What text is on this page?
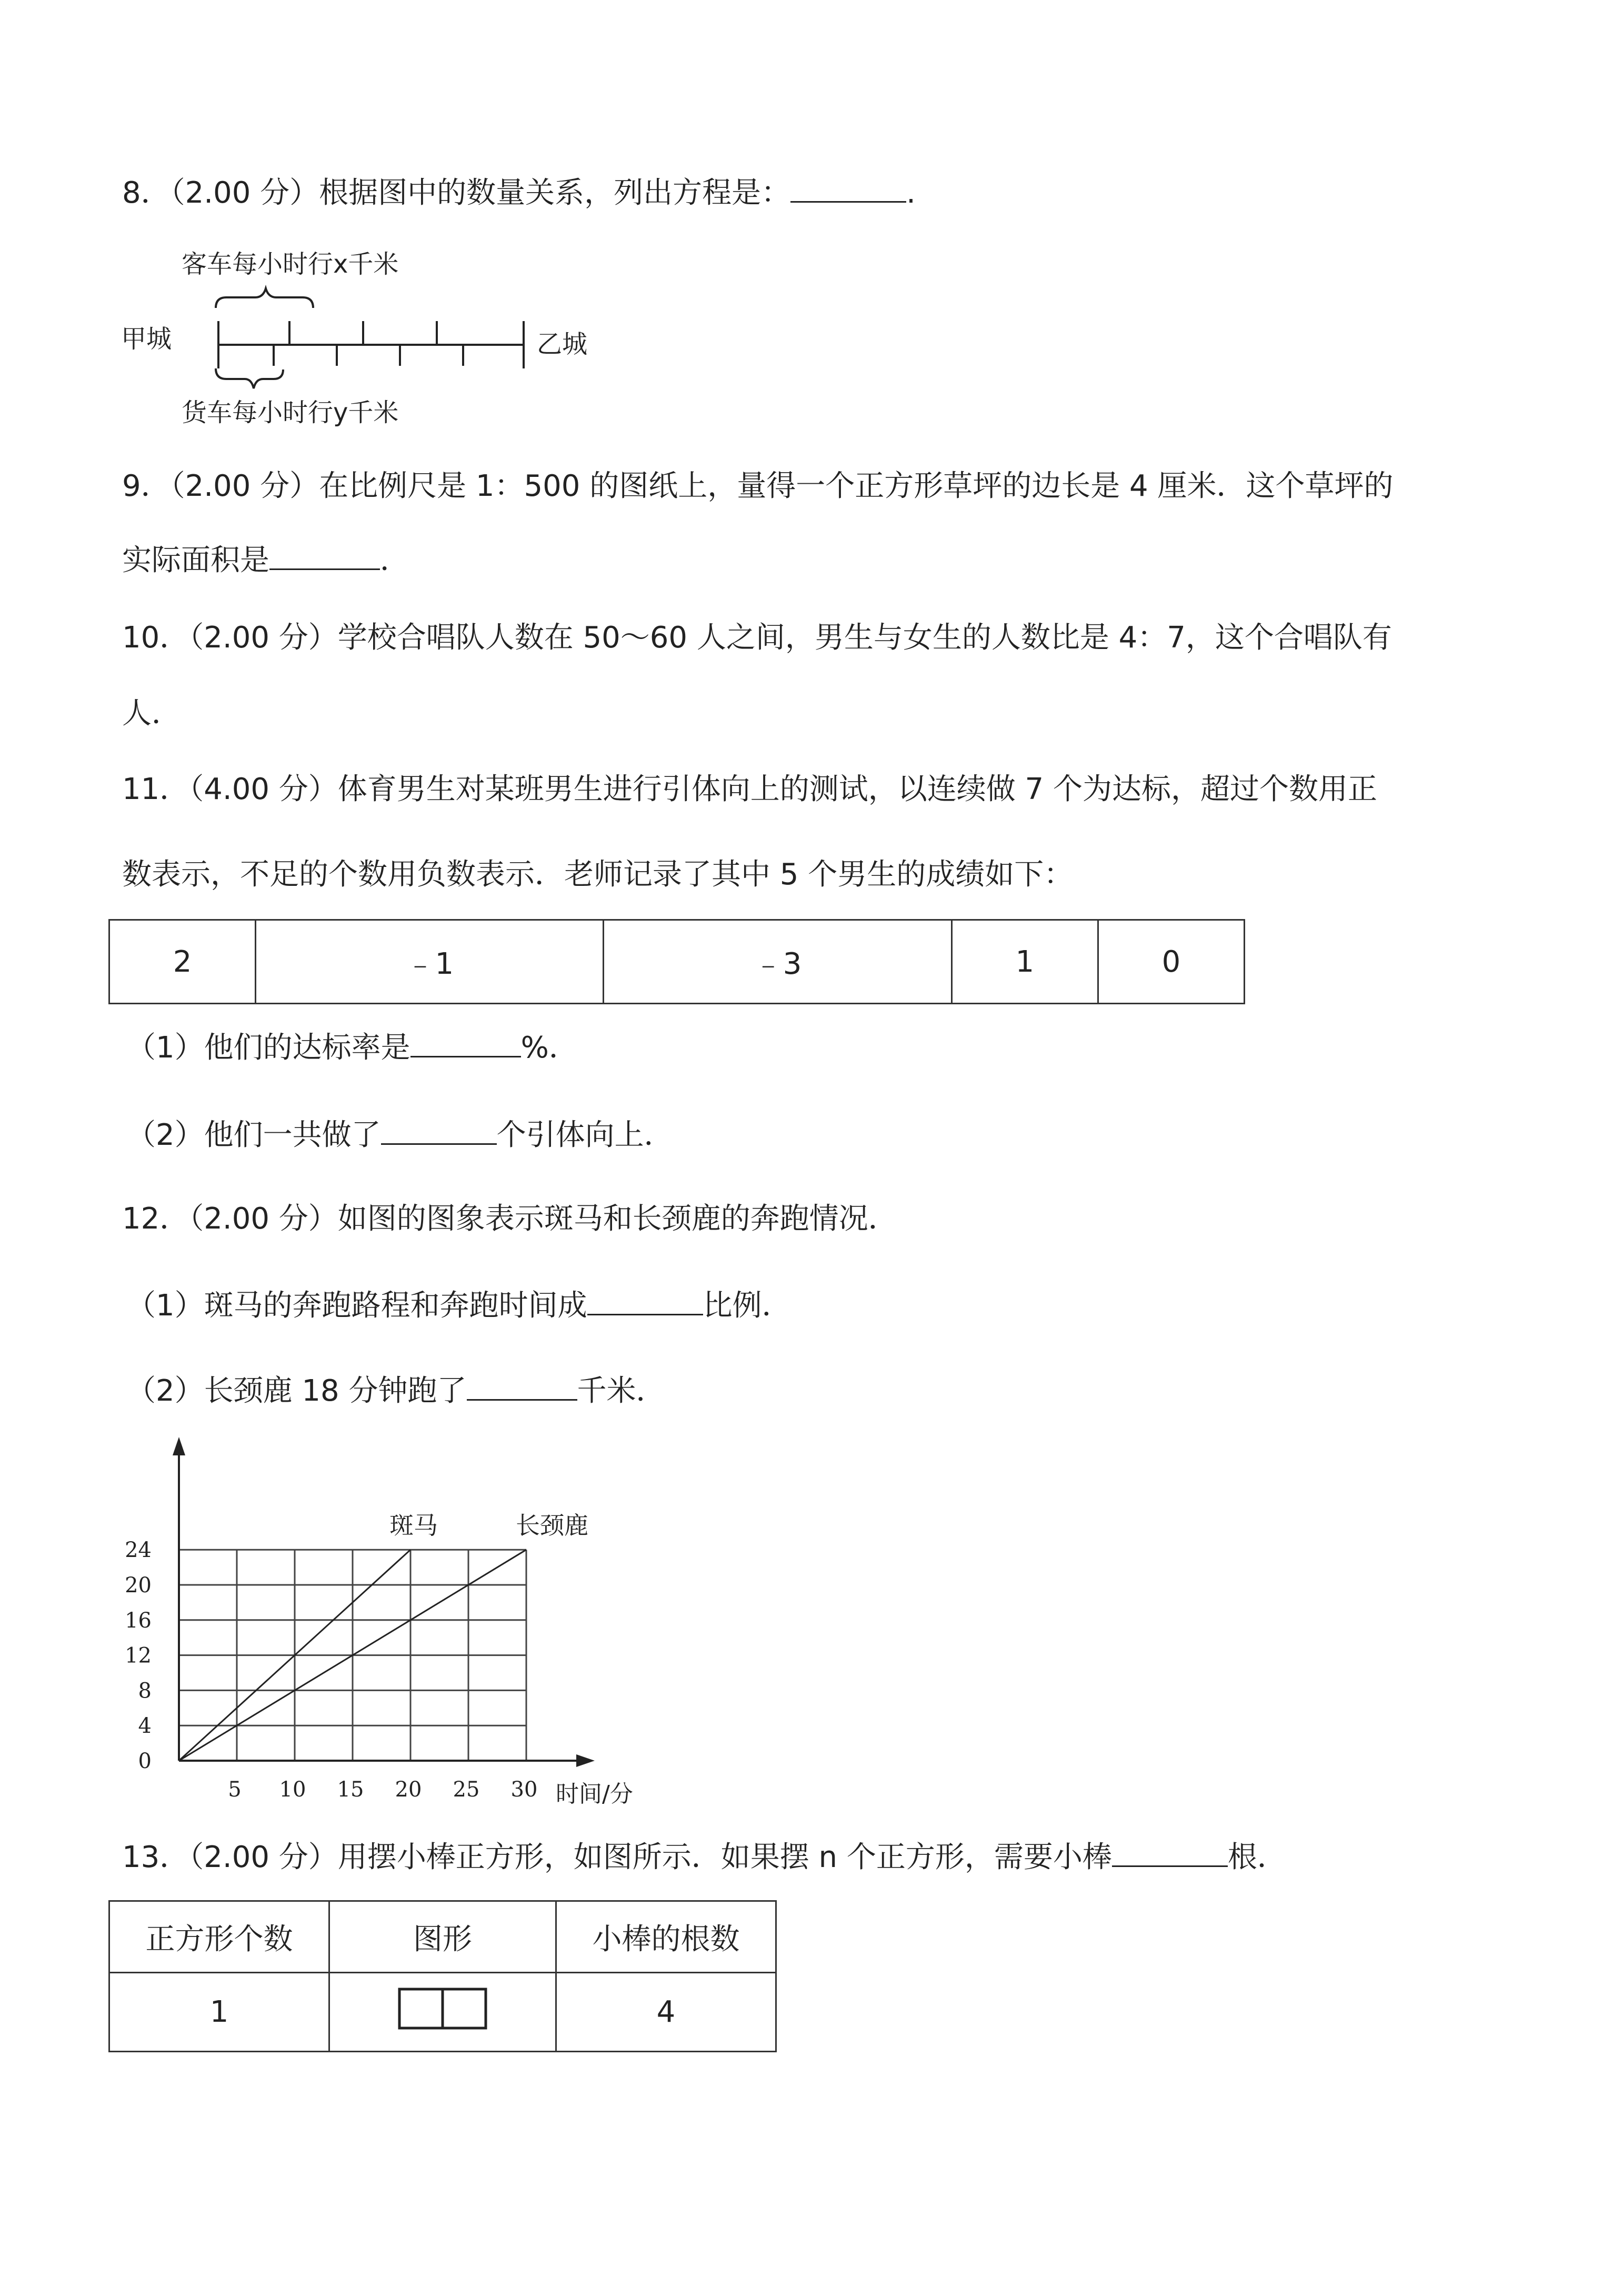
8．（2.00 分）根据图中的数量关系，列出方程是：	.
客车每小时行x千米
甲城	乙城
货车每小时行y千米
9．（2.00 分）在比例尺是 1：500 的图纸上，量得一个正方形草坪的边长是 4 厘米．这个草坪的
实际面积是	．
10．（2.00 分）学校合唱队人数在 50～60 人之间，男生与女生的人数比是 4：7，这个合唱队有
人．
11．（4.00 分）体育男生对某班男生进行引体向上的测试，以连续做 7 个为达标，超过个数用正
数表示，不足的个数用负数表示．老师记录了其中 5 个男生的成绩如下：
2	﹣1	﹣3	1	0
（1）他们的达标率是	%．
（2）他们一共做了	个引体向上．
12．（2.00 分）如图的图象表示斑马和长颈鹿的奔跑情况．
（1）斑马的奔跑路程和奔跑时间成	比例．
（2）长颈鹿 18 分钟跑了	千米．
0
4
8
12
16
20
24
5 10 15 20 25 30 时间/分
斑马	长颈鹿
13．（2.00 分）用摆小棒正方形，如图所示．如果摆 n 个正方形，需要小棒	根．
正方形个数	图形	小棒的根数
1		4
